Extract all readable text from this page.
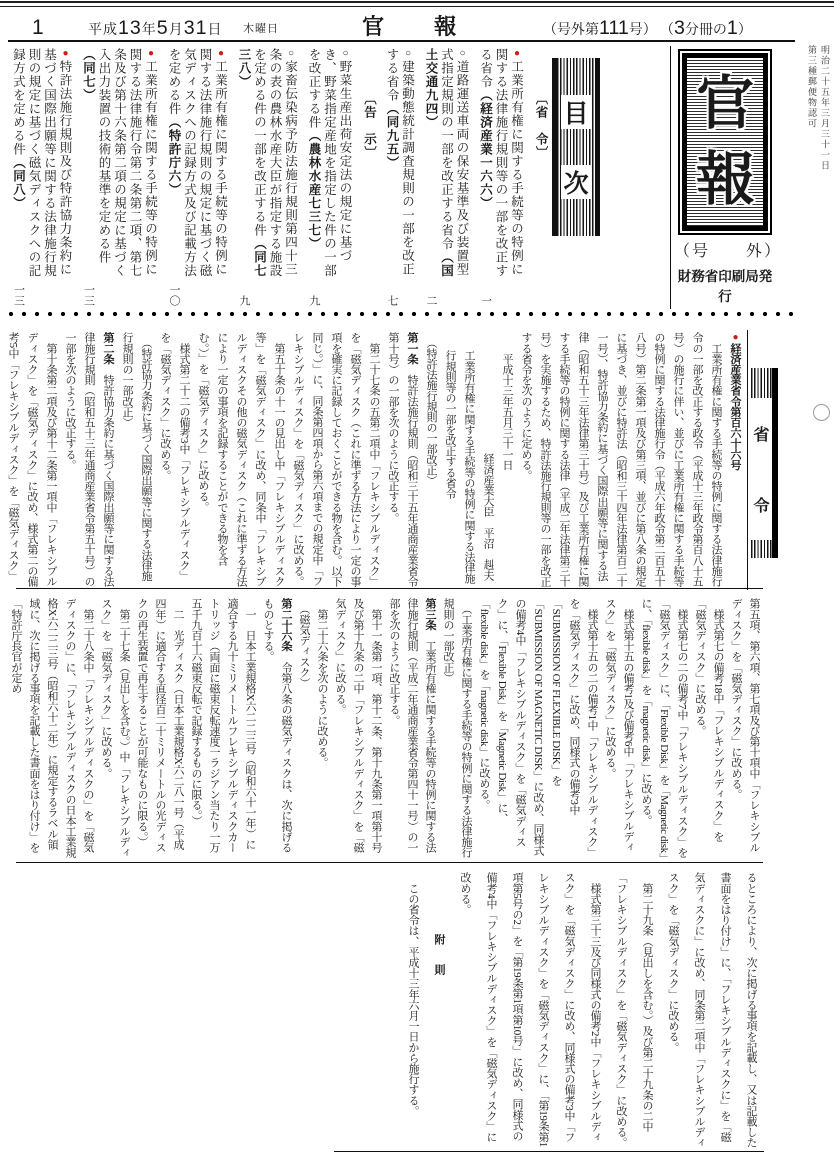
1	平成13年5月31日 木曜日	官　　報	（号外第111号） （3分冊の1）
〔省　令〕
●工業所有権に関する手続等の特例に関する法律施行規則等の一部を改正する省令（経済産業一六六）
一
○道路運送車両の保安基準及び装置型式指定規則の一部を改正する省令（国土交通九四）
二
○建築動態統計調査規則の一部を改正する省令（同九五）
七
〔告　示〕
○野菜生産出荷安定法の規定に基づき、野菜指定産地を指定した件の一部を改正する件（農林水産七三七）
九
○家畜伝染病予防法施行規則第四十三条の表の農林水産大臣が指定する施設を定める件の一部を改正する件（同七三八）
九
●工業所有権に関する手続等の特例に関する法律施行規則の規定に基づく磁気ディスクへの記録方式及び記載方法を定める件（特許庁六）
一〇
●工業所有権に関する手続等の特例に関する法律施行令第二条第二項、第七条及び第十六条第二項の規定に基づく入出力装置の技術的基準を定める件（同七）
一三
●特許法施行規則及び特許協力条約に基づく国際出願等に関する法律施行規則の規定に基づく磁気ディスクへの記録方式を定める件（同八）
一三
目
次
官
報
（号　　外）
財務省印刷局発行
明治二十五年三月三十一日
第三種郵便物認可
省
令

●経済産業省令第百六十六号

　工業所有権に関する手続等の特例に関する法律施行令の一部を改正する政令（平成十三年政令第百八十五号）の施行に伴い、並びに工業所有権に関する手続等の特例に関する法律施行令（平成六年政令第二百五十八号）第二条第一項及び第三項、並びに第八条の規定に基づき、並びに特許法（昭和三十四年法律第百二十一号）、特許協力条約に基づく国際出願等に関する法律（昭和五十三年法律第三十号）及び工業所有権に関する手続等の特例に関する法律（平成二年法律第三十号）を実施するため、特許法施行規則等の一部を改正する省令を次のように定める。

　　平成十三年五月三十一日

経済産業大臣　平沼　赳夫

工業所有権に関する手続等の特例に関する法律施行規則等の一部を改正する省令

　（特許法施行規則の一部改正）

第一条　特許法施行規則（昭和三十五年通商産業省令第十号）の一部を次のように改正する。

　第二十七条の五第二項中「フレキシブルディスク」を「磁気ディスク（これに準ずる方法により一定の事項を確実に記録しておくことができる物を含む。以下同じ。）」に、同条第四項から第六項までの規定中「フレキシブルディスク」を「磁気ディスク」に改める。

　第五十条の十一の見出し中「フレキシブルディスク等」を「磁気ディスク」に改め、同条中「フレキシブルディスクその他の磁気ディスク（これに準ずる方法により一定の事項を記録することができる物を含む。）」を「磁気ディスク」に改める。

　様式第二十二の備考3中「フレキシブルディスク」を「磁気ディスク」に改める。

　（特許協力条約に基づく国際出願等に関する法律施行規則の一部改正）

第二条　特許協力条約に基づく国際出願等に関する法律施行規則（昭和五十三年通商産業省令第五十号）の一部を次のように改正する。

　第十条第二項及び第十二条第一項中「フレキシブルディスク」を「磁気ディスク」に改め、様式第二の備考5中「フレキシブルディスク」を「磁気ディスク」　

第五項、第六項、第七項及び第十項中「フレキシブルディスク」を「磁気ディスク」に改める。

　様式第七の備考18中「フレキシブルディスク」を「磁気ディスク」に改める。

　様式第七の二の備考7中「フレキシブルディスク」を「磁気ディスク」に、「Flexible Disk」を「Magnetic disk」に、「flexible disk」を「magnetic disk」に改める。

　様式第十五の備考1及び備考6中「フレキシブルディスク」を「磁気ディスク」に改める。

　様式第十五の二の備考1中「フレキシブルディスク」を「磁気ディスク」に改め、同様式の備考3中「SUBMISSION OF FLEXIBLE DISK」を「SUBMISSION OF MAGNETIC DISK」に改め、同様式の備考4中「フレキシブルディスク」を「磁気ディスク」に、「Flexible Disk」を「Magnetic Disk」に、「flexible disk」を「magnetic disk」に改める。

　（工業所有権に関する手続等の特例に関する法律施行規則の一部改正）

第三条　工業所有権に関する手続等の特例に関する法律施行規則（平成二年通商産業省令第四十一号）の一部を次のように改正する。

　第十一条第一項、第十二条、第十九条第一項第十号及び第十九条の二中「フレキシブルディスク」を「磁気ディスク」に改める。

　第二十六条を次のように改める。

　（磁気ディスク）

第二十六条　令第八条の磁気ディスクは、次に掲げるものとする。

　一　日本工業規格X六二二三号（昭和六十一年）に適合する九十ミリメートルフレキシブルディスクカートリッジ（両面に磁束反転速度一ラジアン当たり一万五千九百十六磁束反転で記録するものに限る。）

　二　光ディスク（日本工業規格X六二八一号（平成四年）に適合する直径百二十ミリメートルの光ディスクの再生装置で再生することが可能なものに限る。）

　第二十七条（見出しを含む。）中「フレキシブルディスク」を「磁気ディスク」に改める。

　第二十八条中「フレキシブルディスクの」を「磁気ディスクの」に、「フレキシブルディスクの日本工業規格X六二二三号（昭和六十二年）に規定するラベル領域に、次に掲げる事項を記載した書面をはり付け」を「特許庁長官が定め

るところにより、次に掲げる事項を記載し、又は記載した書面をはり付け」に、「フレキシブルディスクに」を「磁気ディスクに」に改め、同条第二項中「フレキシブルディスク」を「磁気ディスク」に改める。

　第二十九条（見出しを含む。）及び第二十九条の二中「フレキシブルディスク」を「磁気ディスク」に改める。

　様式第三十三及び同様式の備考2中「フレキシブルディスク」を「磁気ディスク」に改め、同様式の備考3中「フレキシブルディスク」を「磁気ディスク」に、「第19条第1項第5号の2」を「第19条第1項第10号」に改め、同様式の備考4中「フレキシブルディスク」を「磁気ディスク」に改める。

附　則

　この省令は、平成十三年六月一日から施行する。
